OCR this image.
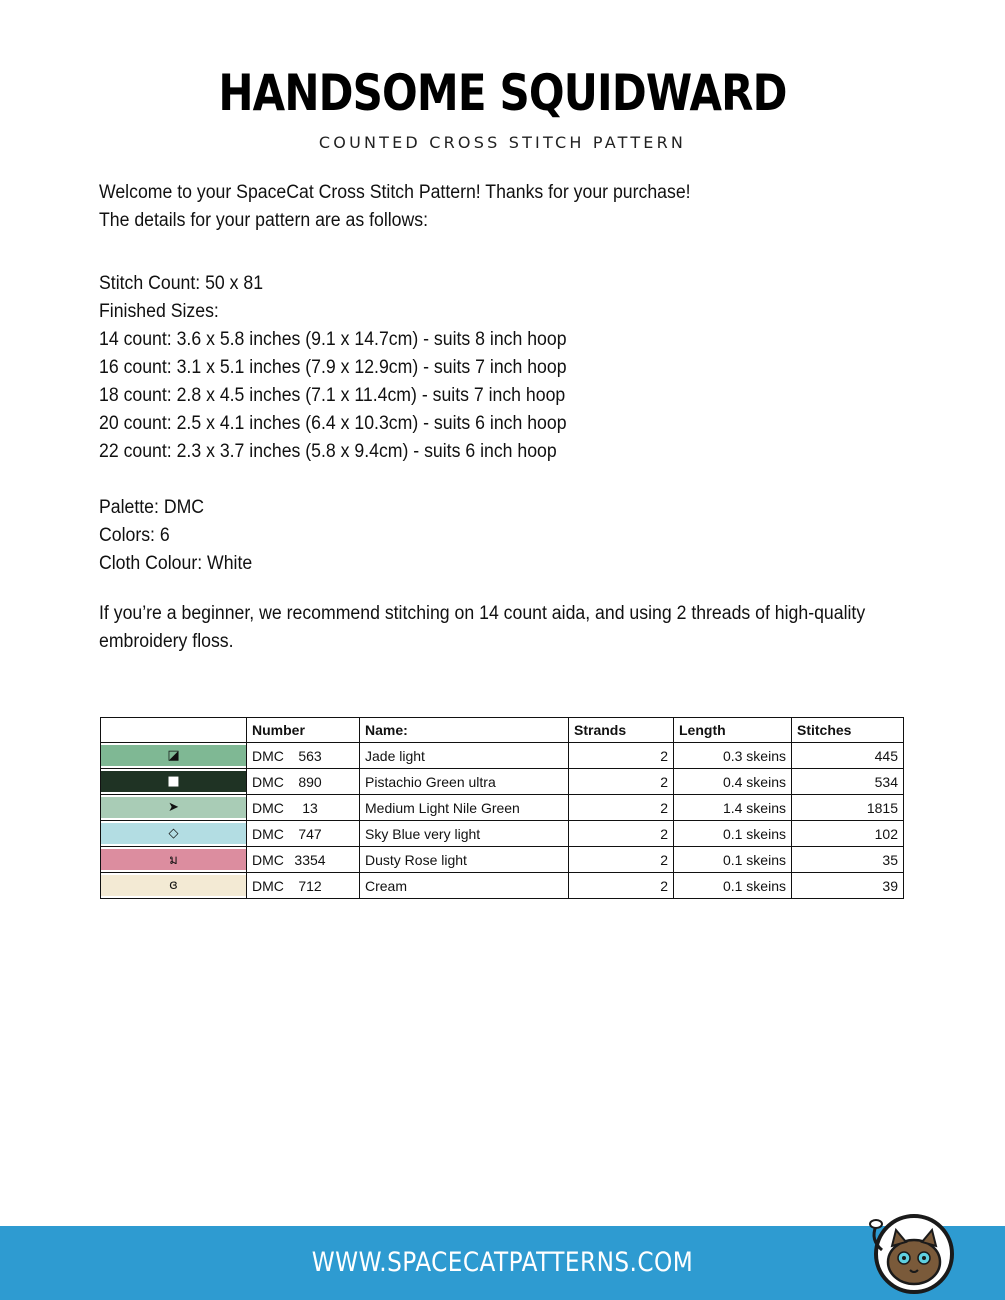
HANDSOME SQUIDWARD
COUNTED CROSS STITCH PATTERN
Welcome to your SpaceCat Cross Stitch Pattern! Thanks for your purchase!
The details for your pattern are as follows:
Stitch Count: 50 x 81
Finished Sizes:
14 count: 3.6 x 5.8 inches (9.1 x 14.7cm) - suits 8 inch hoop
16 count: 3.1 x 5.1 inches (7.9 x 12.9cm) - suits 7 inch hoop
18 count: 2.8 x 4.5 inches (7.1 x 11.4cm) - suits 7 inch hoop
20 count: 2.5 x 4.1 inches (6.4 x 10.3cm) - suits 6 inch hoop
22 count: 2.3 x 3.7 inches (5.8 x 9.4cm) - suits 6 inch hoop
Palette: DMC
Colors: 6
Cloth Colour: White
If you’re a beginner, we recommend stitching on 14 count aida, and using 2 threads of high-quality
embroidery floss.
	Number	Name:	Strands	Length	Stitches

◪	DMC 563	Jade light	2	0.3 skeins	445

■	DMC 890	Pistachio Green ultra	2	0.4 skeins	534

➤	DMC 13	Medium Light Nile Green	2	1.4 skeins	1815

◇	DMC 747	Sky Blue very light	2	0.1 skeins	102

ม	DMC 3354	Dusty Rose light	2	0.1 skeins	35

ɞ	DMC 712	Cream	2	0.1 skeins	39
WWW.SPACECATPATTERNS.COM
